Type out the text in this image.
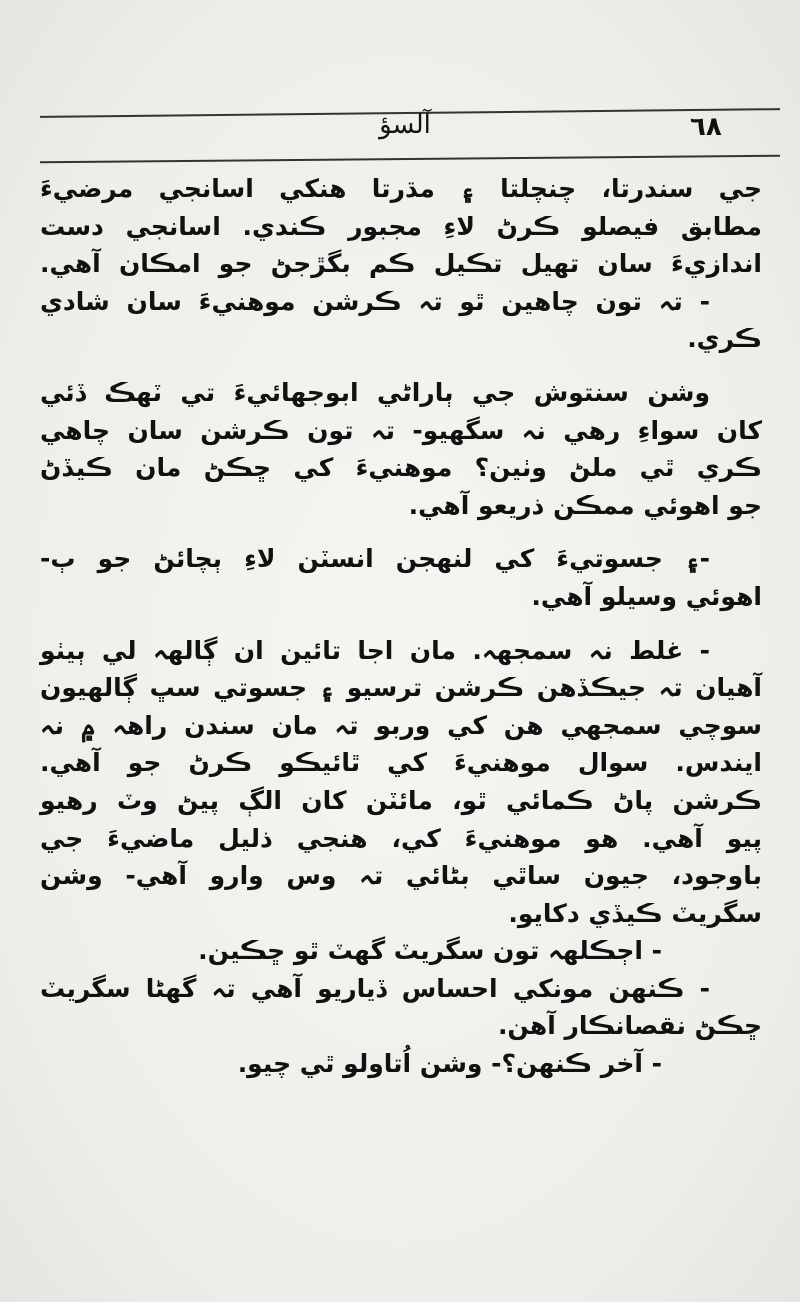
٦٨
آلسؤ
جي سندرتا، چنچلتا ۽ مڌرتا هنکي اسانجي مرضيءَ
مطابق فيصلو ڪرڻ لاءِ مجبور ڪندي. اسانجي دست
اندازيءَ سان تهيل تڪيل ڪم بگڙجڻ جو امڪان آهي.
- تہ تون چاهين ٿو تہ ڪرشن موهنيءَ سان شادي
ڪري.
وشن سنتوش جي ٻاراڻي ابوجهائيءَ تي ٽهڪ ڏئي
کان سواءِ رهي نہ سگهيو- تہ تون ڪرشن سان چاهي
ڪري ٿي ملڻ وٺين؟ موهنيءَ کي ڇڪڻ مان ڪيڏڻ
جو اهوئي ممڪن ذريعو آهي.
-۽ جسوتيءَ کي لنهجن انسٽن لاءِ ٻچائڻ جو ٻ-
اهوئي وسيلو آهي.
- غلط نہ سمجهہ. مان اجا تائين ان ڳالهہ لي ٻيٺو
آهيان تہ جيڪڏهن ڪرشن ترسيو ۽ جسوتي سڀ ڳالهيون
سوچي سمجهي هن کي وربو تہ مان سندن راهہ ۾ نہ
ايندس. سوال موهنيءَ کي ٿائيڪو ڪرڻ جو آهي.
ڪرشن پاڻ ڪمائي ٿو، مائٽن کان الڳ پيڻ وٽ رهيو
پيو آهي. هو موهنيءَ کي، هنجي ذليل ماضيءَ جي
باوجود، جيون ساٿي بڻائي تہ وس وارو آهي- وشن
سگريٽ ڪيڏي دکايو.
- اڄڪلهہ تون سگريٽ گهٽ ٿو ڇڪين.
- ڪنهن مونکي احساس ڏياريو آهي تہ گهڻا سگريٽ
ڇڪڻ نقصانڪار آهن.
- آخر ڪنهن؟- وشن اُتاولو ٿي چيو.
